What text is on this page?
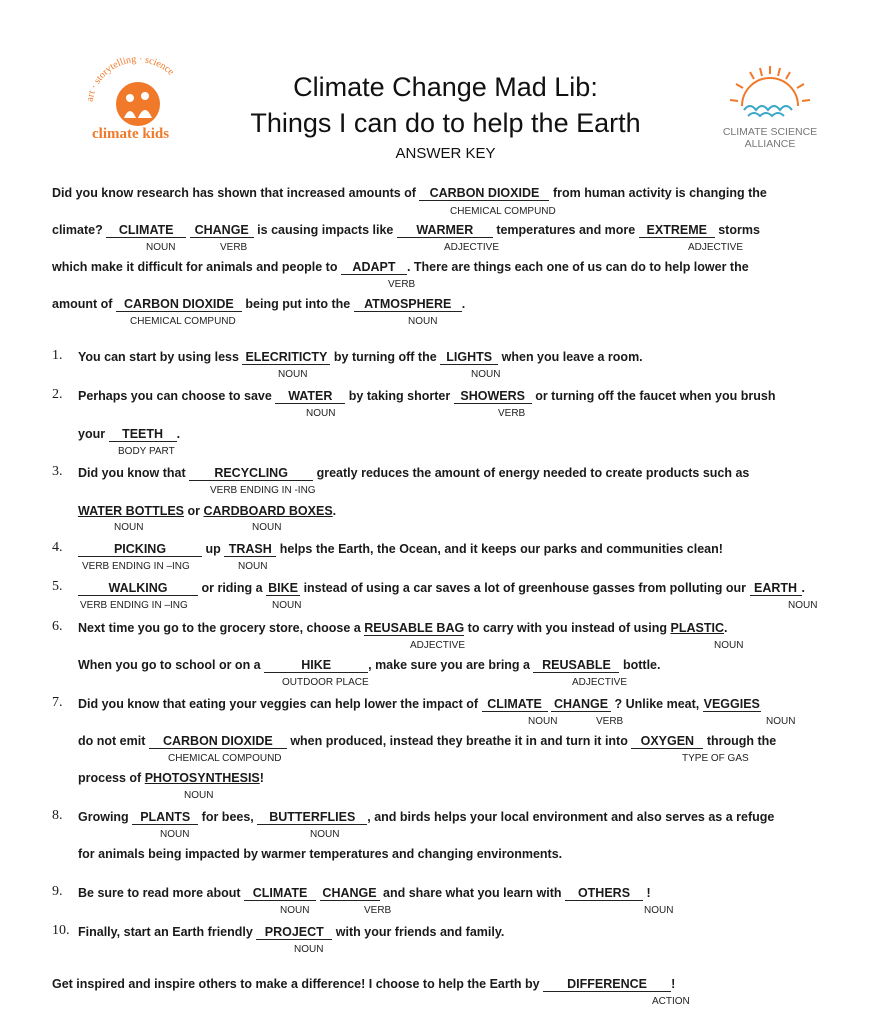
art · storytelling · science
climate kids	CLIMATE SCIENCE ALLIANCE
Climate Change Mad Lib:
Things I can do to help the Earth
ANSWER KEY
Did you know research has shown that increased amounts of CARBON DIOXIDE from human activity is changing the
CHEMICAL COMPUND
climate? CLIMATE CHANGE is causing impacts like WARMER temperatures and more EXTREME storms
NOUN	VERB	ADJECTIVE	ADJECTIVE
which make it difficult for animals and people to ADAPT . There are things each one of us can do to help lower the
VERB
amount of CARBON DIOXIDE being put into the ATMOSPHERE .
CHEMICAL COMPUND	NOUN
1. You can start by using less ELECRITICTY by turning off the LIGHTS when you leave a room.
NOUN	NOUN
2. Perhaps you can choose to save WATER by taking shorter SHOWERS or turning off the faucet when you brush
NOUN	VERB
your TEETH .
BODY PART
3. Did you know that RECYCLING greatly reduces the amount of energy needed to create products such as
VERB ENDING IN -ING
WATER BOTTLES or CARDBOARD BOXES.
NOUN	NOUN
4.	PICKING	up TRASH helps the Earth, the Ocean, and it keeps our parks and communities clean!
VERB ENDING IN –ING	NOUN
5.	WALKING	or riding a BIKE instead of using a car saves a lot of greenhouse gasses from polluting our EARTH .
VERB ENDING IN –ING	NOUN	NOUN
6. Next time you go to the grocery store, choose a REUSABLE BAG to carry with you instead of using PLASTIC.
ADJECTIVE	NOUN
When you go to school or on a	HIKE	, make sure you are bring a REUSABLE bottle.
OUTDOOR PLACE	ADJECTIVE
7. Did you know that eating your veggies can help lower the impact of CLIMATE CHANGE ? Unlike meat, VEGGIES
NOUN	VERB	NOUN
do not emit CARBON DIOXIDE when produced, instead they breathe it in and turn it into OXYGEN through the
CHEMICAL COMPOUND	TYPE OF GAS
process of PHOTOSYNTHESIS!
NOUN
8. Growing PLANTS for bees, BUTTERFLIES , and birds helps your local environment and also serves as a refuge
NOUN	NOUN
for animals being impacted by warmer temperatures and changing environments.
9. Be sure to read more about CLIMATE CHANGE and share what you learn with OTHERS !
NOUN	VERB	NOUN
10. Finally, start an Earth friendly PROJECT with your friends and family.
NOUN
Get inspired and inspire others to make a difference! I choose to help the Earth by DIFFERENCE !
ACTION
